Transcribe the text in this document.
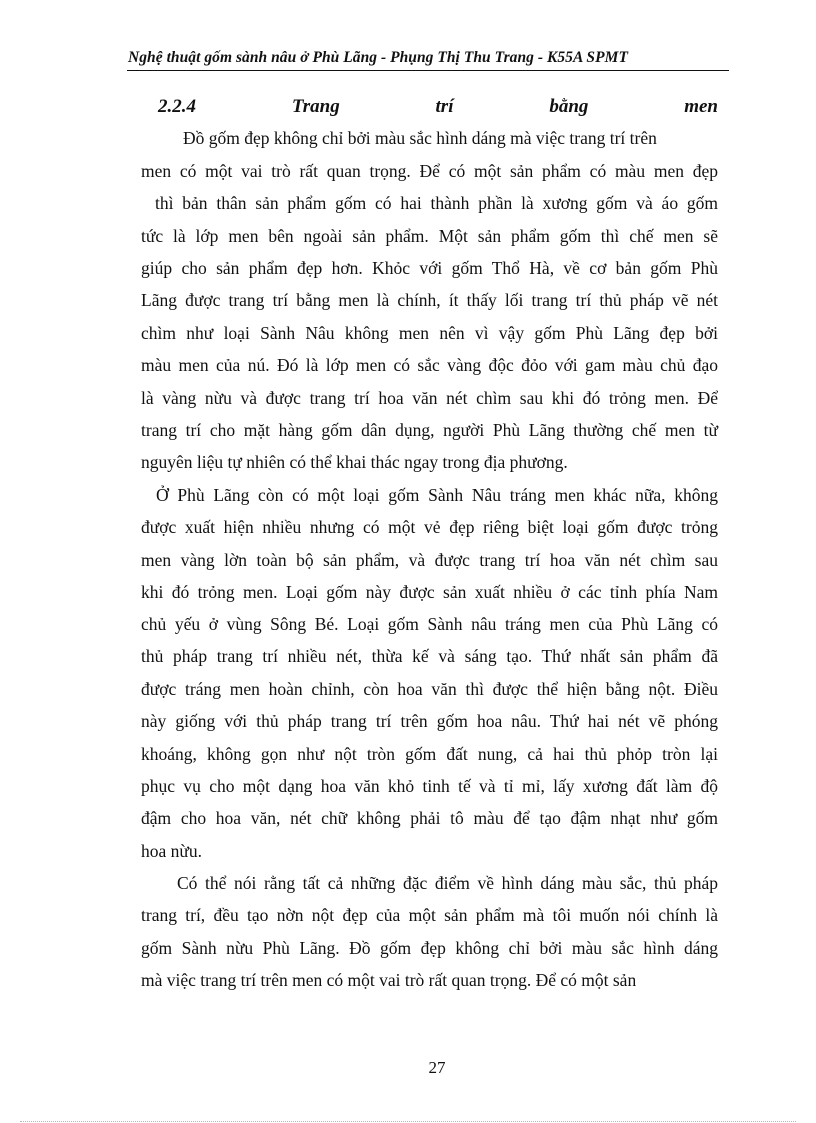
Nghệ thuật gốm sành nâu ở Phù Lãng - Phụng Thị Thu Trang - K55A SPMT
2.2.4	Trang	trí	bằng	men
Đồ gốm đẹp không chỉ bởi màu sắc hình dáng mà việc trang trí trên
men có một vai trò rất quan trọng. Để có một sản phẩm có màu men đẹp
thì bản thân sản phẩm gốm có hai thành phần là xương gốm và áo gốm
tức là lớp men bên ngoài sản phẩm. Một sản phẩm gốm thì chế men sẽ
giúp cho sản phẩm đẹp hơn. Khỏc với gốm Thổ Hà, về cơ bản gốm Phù
Lãng được trang trí bằng men là chính, ít thấy lối trang trí thủ pháp vẽ nét
chìm như loại Sành Nâu không men nên vì vậy gốm Phù Lãng đẹp bởi
màu men của nú. Đó là lớp men có sắc vàng độc đỏo với gam màu chủ đạo
là vàng nừu và được trang trí hoa văn nét chìm sau khi đó trỏng men. Để
trang trí cho mặt hàng gốm dân dụng, người Phù Lãng thường chế men từ
nguyên liệu tự nhiên có thể khai thác ngay trong địa phương.
Ở Phù Lãng còn có một loại gốm Sành Nâu tráng men khác nữa, không
được xuất hiện nhiều nhưng có một vẻ đẹp riêng biệt loại gốm được trỏng
men vàng lờn toàn bộ sản phẩm, và được trang trí hoa văn nét chìm sau
khi đó trỏng men. Loại gốm này được sản xuất nhiều ở các tỉnh phía Nam
chủ yếu ở vùng Sông Bé. Loại gốm Sành nâu tráng men của Phù Lãng có
thủ pháp trang trí nhiều nét, thừa kế và sáng tạo. Thứ nhất sản phẩm đã
được tráng men hoàn chỉnh, còn hoa văn thì được thể hiện bằng nột. Điều
này giống với thủ pháp trang trí trên gốm hoa nâu. Thứ hai nét vẽ phóng
khoáng, không gọn như nột tròn gốm đất nung, cả hai thủ phỏp tròn lại
phục vụ cho một dạng hoa văn khỏ tinh tế và tỉ mỉ, lấy xương đất làm độ
đậm cho hoa văn, nét chữ không phải tô màu để tạo đậm nhạt như gốm
hoa nừu.
Có thể nói rằng tất cả những đặc điểm về hình dáng màu sắc, thủ pháp
trang trí, đều tạo nờn nột đẹp của một sản phẩm mà tôi muốn nói chính là
gốm Sành nừu Phù Lãng. Đồ gốm đẹp không chỉ bởi màu sắc hình dáng
mà việc trang trí trên men có một vai trò rất quan trọng. Để có một sản
27
